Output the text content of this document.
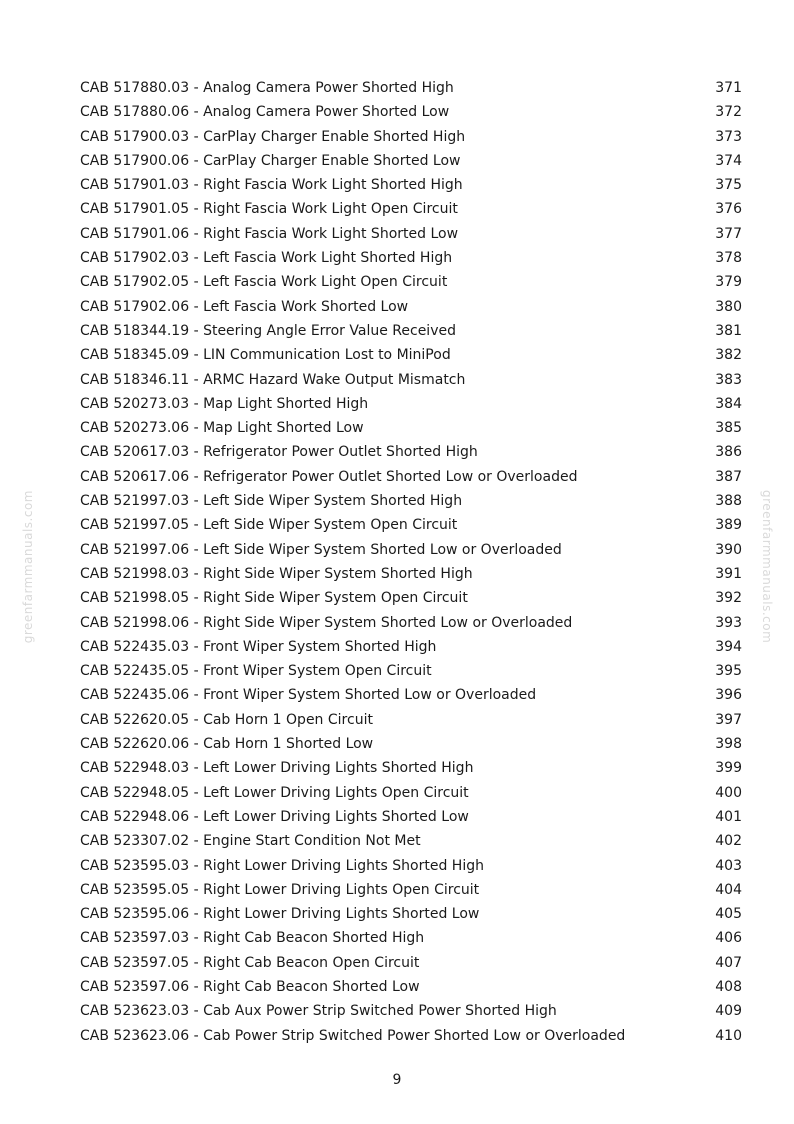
greenfarmmanuals.com	greenfarmmanuals.com
CAB 517880.03 - Analog Camera Power Shorted High	371
CAB 517880.06 - Analog Camera Power Shorted Low	372
CAB 517900.03 - CarPlay Charger Enable Shorted High	373
CAB 517900.06 - CarPlay Charger Enable Shorted Low	374
CAB 517901.03 - Right Fascia Work Light Shorted High	375
CAB 517901.05 - Right Fascia Work Light Open Circuit	376
CAB 517901.06 - Right Fascia Work Light Shorted Low	377
CAB 517902.03 - Left Fascia Work Light Shorted High	378
CAB 517902.05 - Left Fascia Work Light Open Circuit	379
CAB 517902.06 - Left Fascia Work Shorted Low	380
CAB 518344.19 - Steering Angle Error Value Received	381
CAB 518345.09 - LIN Communication Lost to MiniPod	382
CAB 518346.11 - ARMC Hazard Wake Output Mismatch	383
CAB 520273.03 - Map Light Shorted High	384
CAB 520273.06 - Map Light Shorted Low	385
CAB 520617.03 - Refrigerator Power Outlet Shorted High	386
CAB 520617.06 - Refrigerator Power Outlet Shorted Low or Overloaded	387
CAB 521997.03 - Left Side Wiper System Shorted High	388
CAB 521997.05 - Left Side Wiper System Open Circuit	389
CAB 521997.06 - Left Side Wiper System Shorted Low or Overloaded	390
CAB 521998.03 - Right Side Wiper System Shorted High	391
CAB 521998.05 - Right Side Wiper System Open Circuit	392
CAB 521998.06 - Right Side Wiper System Shorted Low or Overloaded	393
CAB 522435.03 - Front Wiper System Shorted High	394
CAB 522435.05 - Front Wiper System Open Circuit	395
CAB 522435.06 - Front Wiper System Shorted Low or Overloaded	396
CAB 522620.05 - Cab Horn 1 Open Circuit	397
CAB 522620.06 - Cab Horn 1 Shorted Low	398
CAB 522948.03 - Left Lower Driving Lights Shorted High	399
CAB 522948.05 - Left Lower Driving Lights Open Circuit	400
CAB 522948.06 - Left Lower Driving Lights Shorted Low	401
CAB 523307.02 - Engine Start Condition Not Met	402
CAB 523595.03 - Right Lower Driving Lights Shorted High	403
CAB 523595.05 - Right Lower Driving Lights Open Circuit	404
CAB 523595.06 - Right Lower Driving Lights Shorted Low	405
CAB 523597.03 - Right Cab Beacon Shorted High	406
CAB 523597.05 - Right Cab Beacon Open Circuit	407
CAB 523597.06 - Right Cab Beacon Shorted Low	408
CAB 523623.03 - Cab Aux Power Strip Switched Power Shorted High	409
CAB 523623.06 - Cab Power Strip Switched Power Shorted Low or Overloaded	410
9
